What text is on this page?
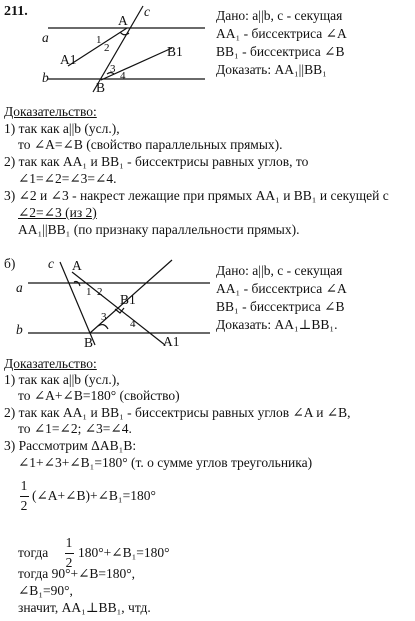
211.
a
b
c
A
A1
B
B1
1
2
3
4
Дано: a||b, c - секущая
AA₁ - биссектриса ∠A
BB₁ - биссектриса ∠B
Доказать: AA₁||BB₁
Доказательство:
1) так как a||b (усл.),
то ∠A=∠B (свойство параллельных прямых).
2) так как AA₁ и BB₁ - биссектрисы равных углов, то
∠1=∠2=∠3=∠4.
3) ∠2 и ∠3 - накрест лежащие при прямых AA₁ и BB₁ и секущей с
∠2=∠3 (из 2)
AA₁||BB₁ (по признаку параллельности прямых).
б) c
a
b
A
B
B1
A1
1 2
3
4
Дано: a||b, c - секущая
AA₁ - биссектриса ∠A
BB₁ - биссектриса ∠B
Доказать: AA₁⊥BB₁.
Доказательство:
1) так как a||b (усл.),
то ∠A+∠B=180° (свойство)
2) так как AA₁ и BB₁ - биссектрисы равных углов ∠A и ∠B,
то ∠1=∠2; ∠3=∠4.
3) Рассмотрим ΔAB₁B:
∠1+∠3+∠B₁=180° (т. о сумме углов треугольника)
1
2
(∠A+∠B)+∠B₁=180°
тогда
1
2
180°+∠B₁=180°
тогда 90°+∠B=180°,
∠B₁=90°,
значит, AA₁⊥BB₁, чтд.
